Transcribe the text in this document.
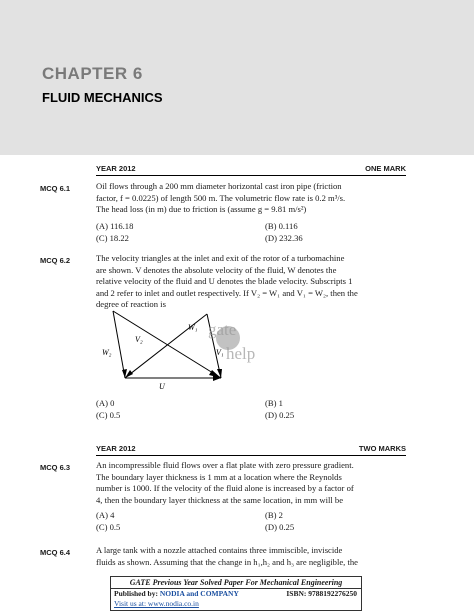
CHAPTER 6
FLUID MECHANICS
YEAR 2012	ONE MARK
MCQ 6.1	Oil flows through a 200 mm diameter horizontal cast iron pipe (friction
factor, f = 0.0225) of length 500 m. The volumetric flow rate is 0.2 m³/s.
The head loss (in m) due to friction is (assume g = 9.81 m/s²)
(A) 116.18	(B) 0.116
(C) 18.22	(D) 232.36
MCQ 6.2	The velocity triangles at the inlet and exit of the rotor of a turbomachine
are shown. V denotes the absolute velocity of the fluid, W denotes the
relative velocity of the fluid and U denotes the blade velocity. Subscripts 1
and 2 refer to inlet and outlet respectively. If V₂ = W₁ and V₁ = W₂, then the
degree of reaction is
gate
help
V₂
W₂
W₁
V₁
U
(A) 0	(B) 1
(C) 0.5	(D) 0.25
YEAR 2012	TWO MARKS
MCQ 6.3	An incompressible fluid flows over a flat plate with zero pressure gradient.
The boundary layer thickness is 1 mm at a location where the Reynolds
number is 1000. If the velocity of the fluid alone is increased by a factor of
4, then the boundary layer thickness at the same location, in mm will be
(A) 4	(B) 2
(C) 0.5	(D) 0.25
MCQ 6.4	A large tank with a nozzle attached contains three immiscible, inviscide
fluids as shown. Assuming that the change in h₁,h₂ and h₃ are negligible, the
GATE Previous Year Solved Paper For Mechanical Engineering
Published by: NODIA and COMPANY	ISBN: 9788192276250
Visit us at: www.nodia.co.in
